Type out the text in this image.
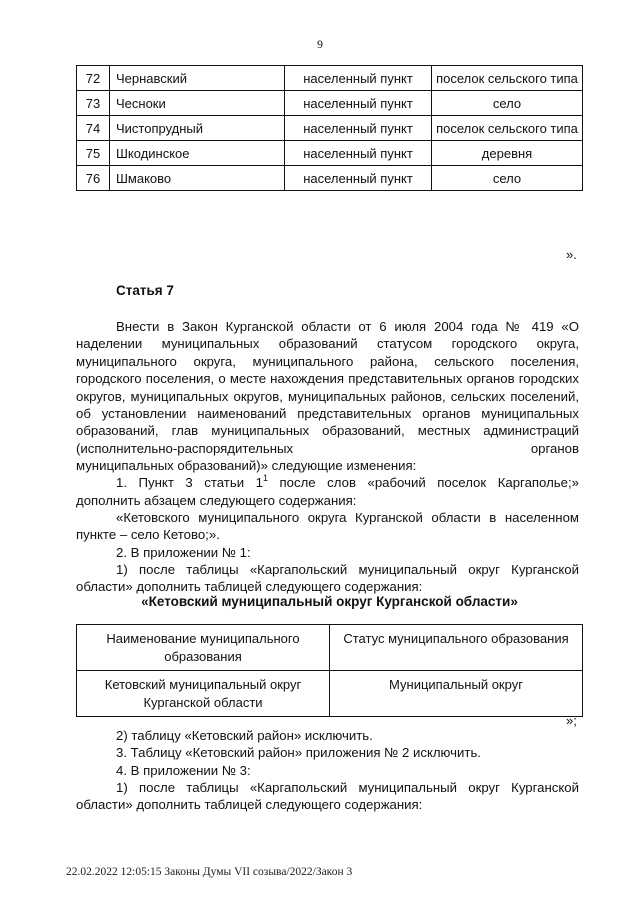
9
72	Чернавский	населенный пункт	поселок сельского типа
73	Чесноки	населенный пункт	село
74	Чистопрудный	населенный пункт	поселок сельского типа
75	Шкодинское	населенный пункт	деревня
76	Шмаково	населенный пункт	село
».
Статья 7
Внести в Закон Курганской области от 6 июля 2004 года № 419 «О наделении муниципальных образований статусом городского округа, муниципального округа, муниципального района, сельского поселения, городского поселения, о месте нахождения представительных органов городских округов, муниципальных округов, муниципальных районов, сельских поселений, об установлении наименований представительных органов муниципальных образований, глав муниципальных образований, местных администраций (исполнительно-распорядительных органов
муниципальных образований)» следующие изменения:
1. Пункт 3 статьи $1^1$ после слов «рабочий поселок Каргаполье;»
дополнить абзацем следующего содержания:
«Кетовского муниципального округа Курганской области в населенном
пункте – село Кетово;».
2. В приложении № 1:
1) после таблицы «Каргапольский муниципальный округ Курганской
области» дополнить таблицей следующего содержания:
«Кетовский муниципальный округ Курганской области»
Наименование муниципального образования	Статус муниципального образования
Кетовский муниципальный округ Курганской области	Муниципальный округ
»;
2) таблицу «Кетовский район» исключить.
3. Таблицу «Кетовский район» приложения № 2 исключить.
4. В приложении № 3:
1) после таблицы «Каргапольский муниципальный округ Курганской
области» дополнить таблицей следующего содержания:
22.02.2022 12:05:15 Законы Думы VII созыва/2022/Закон 3
